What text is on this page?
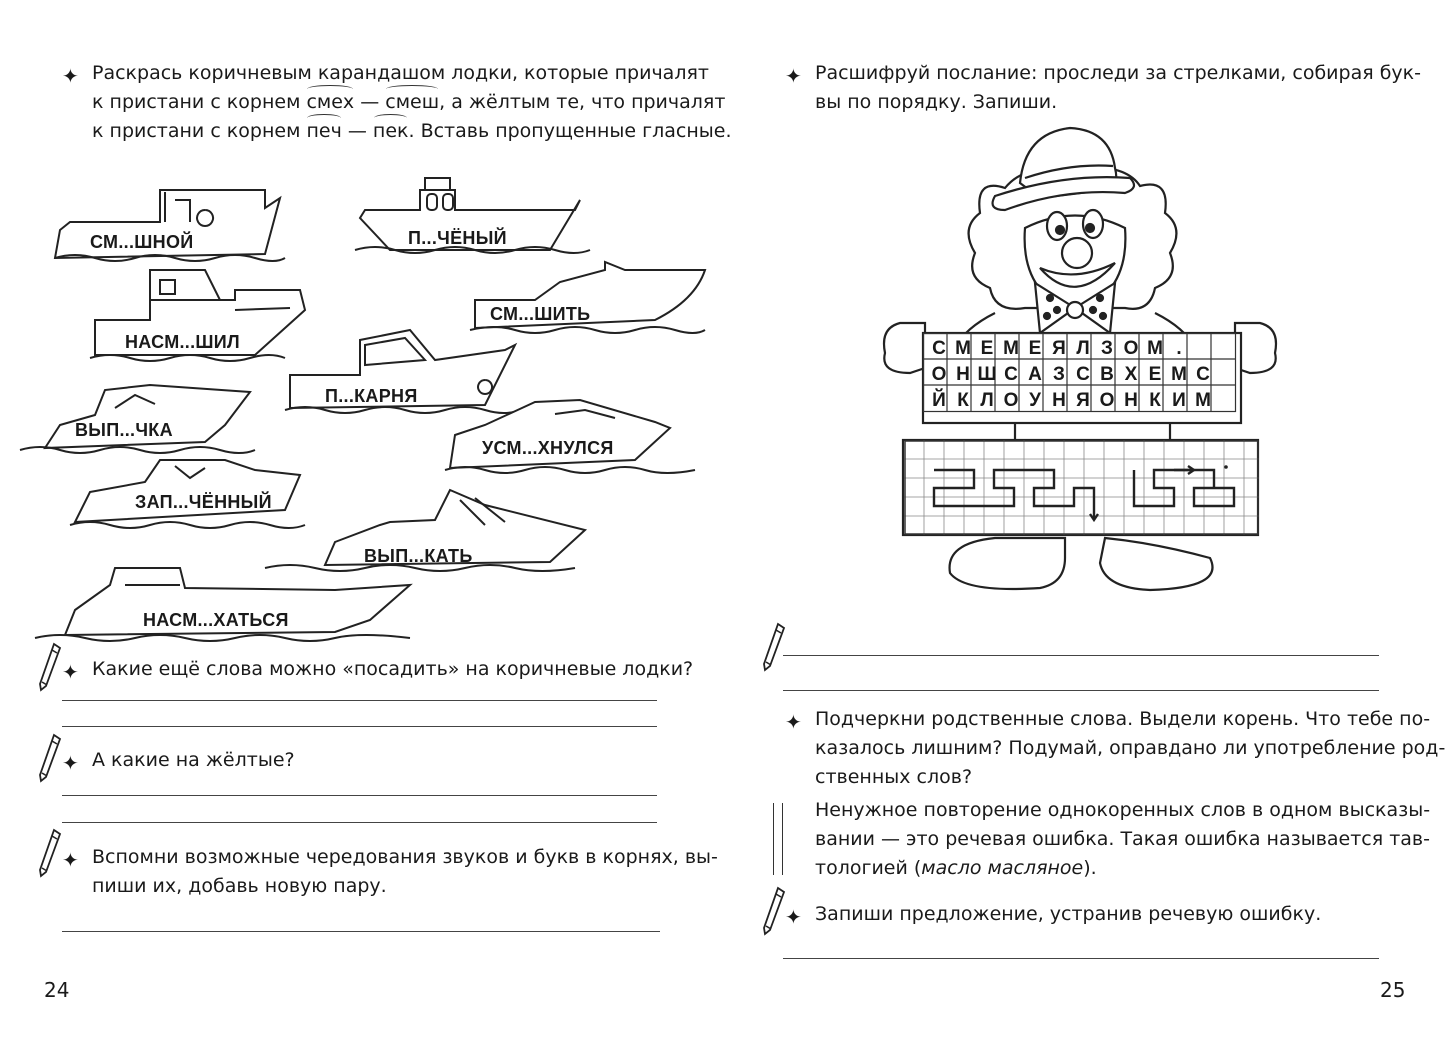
✦ Раскрась коричневым карандашом лодки, которые причалят
к пристани с корнем смех — смеш, а жёлтым те, что причалят
к пристани с корнем печ — пек. Вставь пропущенные гласные.
СМ...ШНОЙ	П...ЧЁНЫЙ
СМ...ШИТЬ
НАСМ...ШИЛ
П...КАРНЯ
ВЫП...ЧКА
УСМ...ХНУЛСЯ
ЗАП...ЧЁННЫЙ
ВЫП...КАТЬ
НАСМ...ХАТЬСЯ
✦ Какие ещё слова можно «посадить» на коричневые лодки?
✦ А какие на жёлтые?
✦ Вспомни возможные чередования звуков и букв в корнях, вы-
пиши их, добавь новую пару.
24
✦ Расшифруй послание: проследи за стрелками, собирая бук-
вы по порядку. Запиши.
С М Е М Е Я Л З О М .
О Н Ш С А З С В Х Е М С
Й К Л О У Н Я О Н К И М
✦ Подчеркни родственные слова. Выдели корень. Что тебе по-
казалось лишним? Подумай, оправдано ли употребление род-
ственных слов?
Ненужное повторение однокоренных слов в одном высказы-
вании — это речевая ошибка. Такая ошибка называется тав-
тологией (масло масляное).
✦ Запиши предложение, устранив речевую ошибку.
25
